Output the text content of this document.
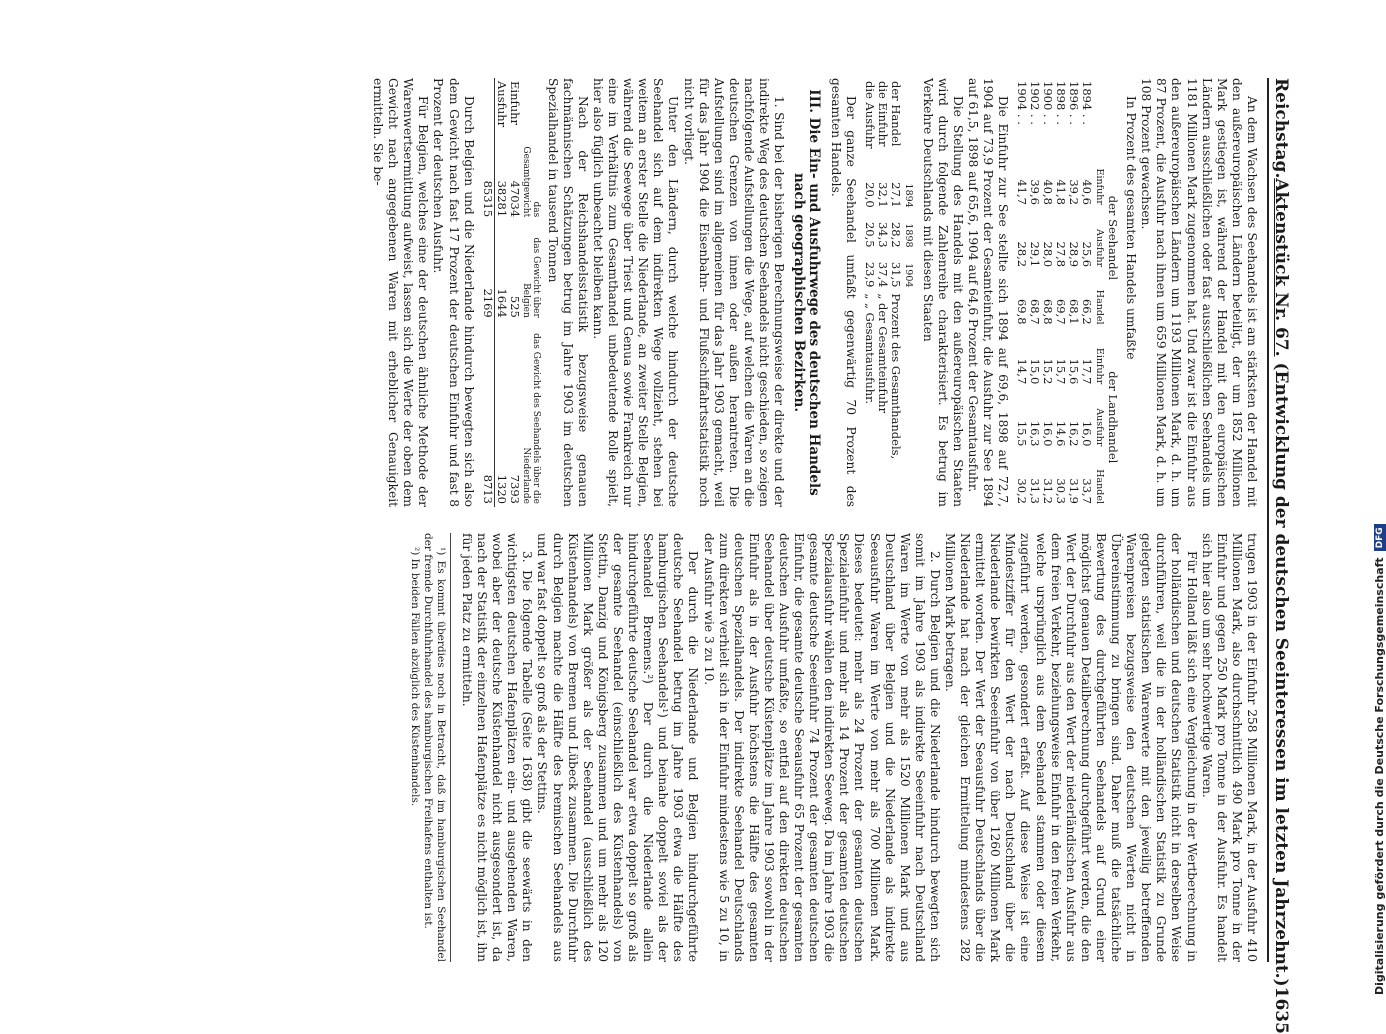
Reichstag.
Aktenstück Nr. 67. (Entwicklung der deutschen Seeinteressen im letzten Jahrzehnt.)
1635

An dem Wachsen des Seehandels ist am stärksten der Handel mit den außereuropäischen Ländern beteiligt, der um 1852 Millionen Mark gestiegen ist, während der Handel mit den europäischen Ländern ausschließlichen oder fast ausschließlichen Seehandels um 1181 Millionen Mark zugenommen hat. Und zwar ist die Einfuhr aus den außereuropäischen Ländern um 1193 Millionen Mark, d. h. um 87 Prozent, die Ausfuhr nach ihnen um 659 Millionen Mark, d. h. um 108 Prozent gewachsen.

In Prozent des gesamten Handels umfaßte

	der Seehandel			der Landhandel		
	Einfuhr	Ausfuhr	Handel	Einfuhr	Ausfuhr	Handel
1894 . .	40,6	25,6	66,2	17,7	16,0	33,7
1896 . .	39,2	28,9	68,1	15,6	16,2	31,9
1898 . .	41,8	27,8	69,7	15,7	14,6	30,3
1900 . .	40,8	28,0	68,8	15,2	16,0	31,2
1902 . .	39,6	29,1	68,7	15,0	16,3	31,3
1904 . .	41,7	28,2	69,8	14,7	15,5	30,2

Die Einfuhr zur See stellte sich 1894 auf 69,6, 1898 auf 72,7, 1904 auf 73,9 Prozent der Gesamteinfuhr, die Ausfuhr zur See 1894 auf 61,5, 1898 auf 65,6, 1904 auf 64,6 Prozent der Gesamtausfuhr.

Die Stellung des Handels mit den außereuropäischen Staaten wird durch folgende Zahlenreihe charakterisiert. Es betrug im Verkehre Deutschlands mit diesen Staaten

	1894	1898	1904	
der Handel	27,1	28,2	31,5	Prozent des Gesamthandels,
die Einfuhr	32,1	34,3	37,4	„ der Gesamteinfuhr
die Ausfuhr	20,0	20,5	23,9	„ „ Gesamtausfuhr.

Der ganze Seehandel umfaßt gegenwärtig 70 Prozent des gesamten Handels.

III. Die Ein- und Ausfuhrwege des deutschen Handels nach geographischen Bezirken.

1. Sind bei der bisherigen Berechnungsweise der direkte und der indirekte Weg des deutschen Seehandels nicht geschieden, so zeigen nachfolgende Aufstellungen die Wege, auf welchen die Waren an die deutschen Grenzen von innen oder außen herantreten. Die Aufstellungen sind im allgemeinen für das Jahr 1903 gemacht, weil für das Jahr 1904 die Eisenbahn- und Flußschiffahrtsstatistik noch nicht vorliegt.

Unter den Ländern, durch welche hindurch der deutsche Seehandel sich auf dem indirekten Wege vollzieht, stehen bei weitem an erster Stelle die Niederlande, an zweiter Stelle Belgien, während die Seewege über Triest und Genua sowie Frankreich nur eine im Verhältnis zum Gesamthandel unbedeutende Rolle spielt, hier also füglich unbeachtet bleiben kann.

Nach der Reichshandelsstatistik bezugsweise genauen fachmännischen Schätzungen betrug im Jahre 1903 im deutschen Spezialhandel in tausend Tonnen

	das Gesamtgewicht	das Gewicht über Belgien	das Gewicht des Seehandels über die Niederlande
Einfuhr	47034	525	7393
Ausfuhr	38281	1644	1320
	85315	2169	8713

Durch Belgien und die Niederlande hindurch bewegten sich also dem Gewicht nach fast 17 Prozent der deutschen Einfuhr und fast 8 Prozent der deutschen Ausfuhr.

Für Belgien, welches eine der deutschen ähnliche Methode der Warenwertsermittlung aufweist, lassen sich die Werte der oben dem Gewicht nach angegebenen Waren mit erheblicher Genauigkeit ermitteln. Sie be-

trugen 1903 in der Einfuhr 258 Millionen Mark, in der Ausfuhr 410 Millionen Mark, also durchschnittlich 490 Mark pro Tonne in der Einfuhr und gegen 250 Mark pro Tonne in der Ausfuhr. Es handelt sich hier also um sehr hochwertige Waren.

Für Holland läßt sich eine Vergleichung in der Wertberechnung in der holländischen und deutschen Statistik nicht in derselben Weise durchführen, weil die in der holländischen Statistik zu Grunde gelegten statistischen Warenwerte mit den jeweilig betreffenden Warenpreisen bezugsweise den deutschen Werten nicht in Übereinstimmung zu bringen sind. Daher muß die tatsächliche Bewertung des durchgeführten Seehandels auf Grund einer möglichst genauen Detailberechnung durchgeführt werden, die den Wert der Durchfuhr aus den Wert der niederländischen Ausfuhr aus dem freien Verkehr, beziehungsweise Einfuhr in den freien Verkehr, welche ursprünglich aus dem Seehandel stammen oder diesem zugeführt werden, gesondert erfaßt. Auf diese Weise ist eine Mindestziffer für den Wert der nach Deutschland über die Niederlande bewirkten Seeeinfuhr von über 1260 Millionen Mark ermittelt worden. Der Wert der Seeausfuhr Deutschlands über die Niederlande hat nach der gleichen Ermittelung mindestens 282 Millionen Mark betragen.

2. Durch Belgien und die Niederlande hindurch bewegten sich somit im Jahre 1903 als indirekte Seeeinfuhr nach Deutschland Waren im Werte von mehr als 1520 Millionen Mark und aus Deutschland über Belgien und die Niederlande als indirekte Seeausfuhr Waren im Werte von mehr als 700 Millionen Mark. Dieses bedeutet: mehr als 24 Prozent der gesamten deutschen Spezialeinfuhr und mehr als 14 Prozent der gesamten deutschen Spezialausfuhr wählen den indirekten Seeweg. Da im Jahre 1903 die gesamte deutsche Seeeinfuhr 74 Prozent der gesamten deutschen Einfuhr, die gesamte deutsche Seeausfuhr 65 Prozent der gesamten deutschen Ausfuhr umfaßte, so entfiel auf den direkten deutschen Seehandel über deutsche Küstenplätze im Jahre 1903 sowohl in der Einfuhr als in der Ausfuhr höchstens die Hälfte des gesamten deutschen Spezialhandels. Der indirekte Seehandel Deutschlands zum direkten verhielt sich in der Einfuhr mindestens wie 5 zu 10, in der Ausfuhr wie 3 zu 10.

Der durch die Niederlande und Belgien hindurchgeführte deutsche Seehandel betrug im Jahre 1903 etwa die Hälfte des hamburgischen Seehandels¹) und beinahe doppelt soviel als der Seehandel Bremens.²) Der durch die Niederlande allein hindurchgeführte deutsche Seehandel war etwa doppelt so groß als der gesamte Seehandel (einschließlich des Küstenhandels) von Stettin, Danzig und Königsberg zusammen und um mehr als 120 Millionen Mark größer als der Seehandel (ausschließlich des Küstenhandels) von Bremen und Lübeck zusammen. Die Durchfuhr durch Belgien machte die Hälfte des bremischen Seehandels aus und war fast doppelt so groß als der Stettins.

3. Die folgende Tabelle (Seite 1638) gibt die seewärts in den wichtigsten deutschen Hafenplätzen ein- und ausgehenden Waren, wobei aber der deutsche Küstenhandel nicht ausgesondert ist, da nach der Statistik der einzelnen Hafenplätze es nicht möglich ist, ihn für jeden Platz zu ermitteln.

¹) Es kommt überdies noch in Betracht, daß im hamburgischen Seehandel der fremde Durchfuhrhandel des hamburgischen Freihafens enthalten ist.

²) In beiden Fällen abzüglich des Küstenhandels.	Digitalisierung gefördert durch die Deutsche Forschungsgemeinschaft
DFG
